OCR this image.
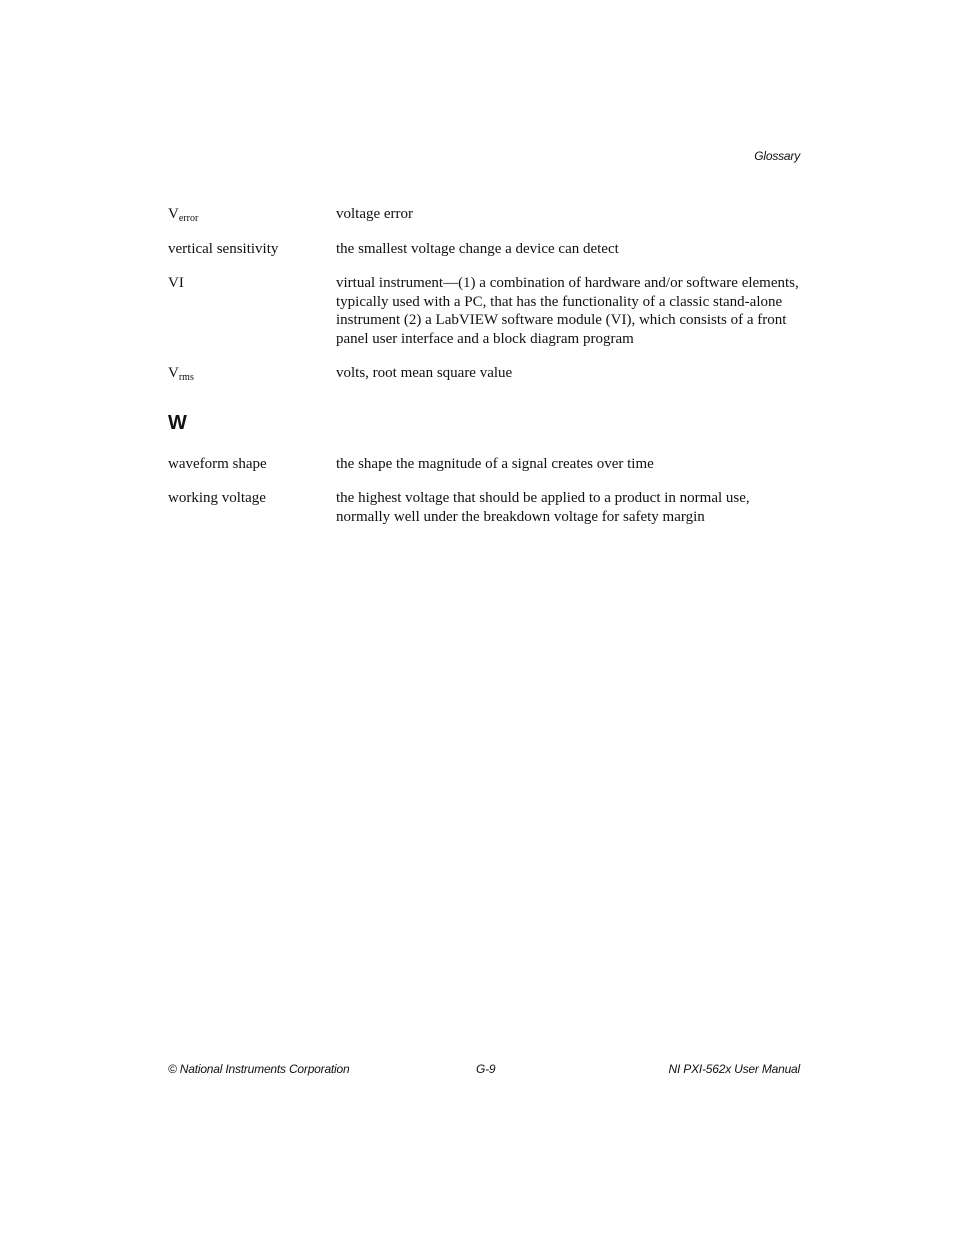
Glossary
$V_{error}$	voltage error
vertical sensitivity	the smallest voltage change a device can detect
VI	virtual instrument—(1) a combination of hardware and/or software elements, typically used with a PC, that has the functionality of a classic stand-alone instrument (2) a LabVIEW software module (VI), which consists of a front panel user interface and a block diagram program
$V_{rms}$	volts, root mean square value
W
waveform shape	the shape the magnitude of a signal creates over time
working voltage	the highest voltage that should be applied to a product in normal use, normally well under the breakdown voltage for safety margin
© National Instruments Corporation	G-9	NI PXI-562x User Manual
